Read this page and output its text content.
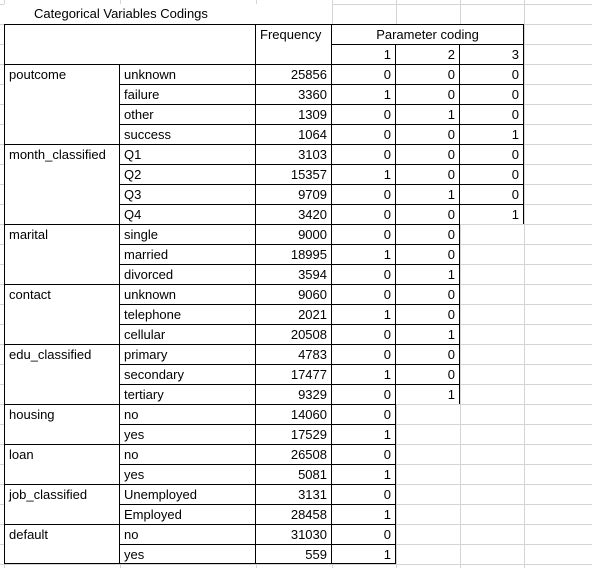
Categorical Variables Codings
Frequency	Parameter coding
1	2	3
poutcome	unknown	25856	0	0	0
failure	3360	1	0	0
other	1309	0	1	0
success	1064	0	0	1
month_classified	Q1	3103	0	0	0
Q2	15357	1	0	0
Q3	9709	0	1	0
Q4	3420	0	0	1
marital	single	9000	0	0
married	18995	1	0
divorced	3594	0	1
contact	unknown	9060	0	0
telephone	2021	1	0
cellular	20508	0	1
edu_classified	primary	4783	0	0
secondary	17477	1	0
tertiary	9329	0	1
housing	no	14060	0
yes	17529	1
loan	no	26508	0
yes	5081	1
job_classified	Unemployed	3131	0
Employed	28458	1
default	no	31030	0
yes	559	1
